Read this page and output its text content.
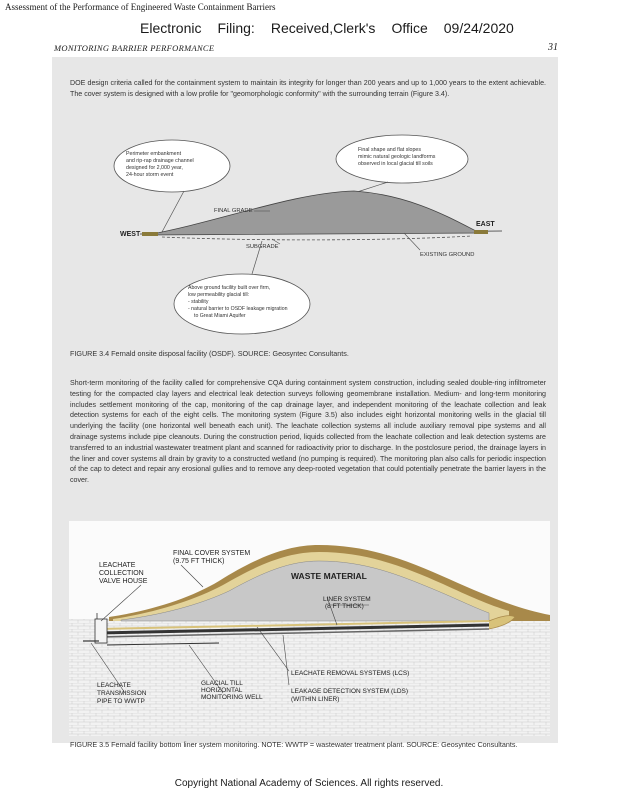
Assessment of the Performance of Engineered Waste Containment Barriers
Electronic Filing: Received,Clerk's Office 09/24/2020
MONITORING BARRIER PERFORMANCE	31
DOE design criteria called for the containment system to maintain its integrity for longer than 200 years and up to 1,000 years to the extent achievable. The cover system is designed with a low profile for "geomorphologic conformity" with the surrounding terrain (Figure 3.4).
Perimeter embankment and rip-rap drainage channel designed for 2,000 year, 24-hour storm event
Final shape and flat slopes mimic natural geologic landforms observed in local glacial till soils
FINAL GRADE
WEST
EAST
SUBGRADE
EXISTING GROUND
Above ground facility built over firm, low permeability glacial till: - stability - natural barrier to OSDF leakage migration to Great Miami Aquifer
FIGURE 3.4 Fernald onsite disposal facility (OSDF). SOURCE: Geosyntec Consultants.
Short-term monitoring of the facility called for comprehensive CQA during containment system construction, including sealed double-ring infiltrometer testing for the compacted clay layers and electrical leak detection surveys following geomembrane installation. Medium- and long-term monitoring includes settlement monitoring of the cap, monitoring of the cap drainage layer, and independent monitoring of the leachate collection and leak detection systems for each of the eight cells. The monitoring system (Figure 3.5) also includes eight horizontal monitoring wells in the glacial till underlying the facility (one horizontal well beneath each unit). The leachate collection systems all include auxiliary removal pipe systems and all drainage systems include pipe cleanouts. During the construction period, liquids collected from the leachate collection and leak detection systems are transferred to an industrial wastewater treatment plant and scanned for radioactivity prior to discharge. In the postclosure period, the drainage layers in the liner and cover systems all drain by gravity to a constructed wetland (no pumping is required). The monitoring plan also calls for periodic inspection of the cap to detect and repair any erosional gullies and to remove any deep-rooted vegetation that could potentially penetrate the barrier layers in the cover.
FINAL COVER SYSTEM (9.75 FT THICK)
LEACHATE COLLECTION VALVE HOUSE
WASTE MATERIAL
LINER SYSTEM (8 FT THICK)
LEACHATE REMOVAL SYSTEMS (LCS)
LEAKAGE DETECTION SYSTEM (LDS) (WITHIN LINER)
GLACIAL TILL HORIZONTAL MONITORING WELL
LEACHATE TRANSMISSION PIPE TO WWTP
FIGURE 3.5 Fernald facility bottom liner system monitoring. NOTE: WWTP = wastewater treatment plant. SOURCE: Geosyntec Consultants.
Copyright National Academy of Sciences. All rights reserved.
